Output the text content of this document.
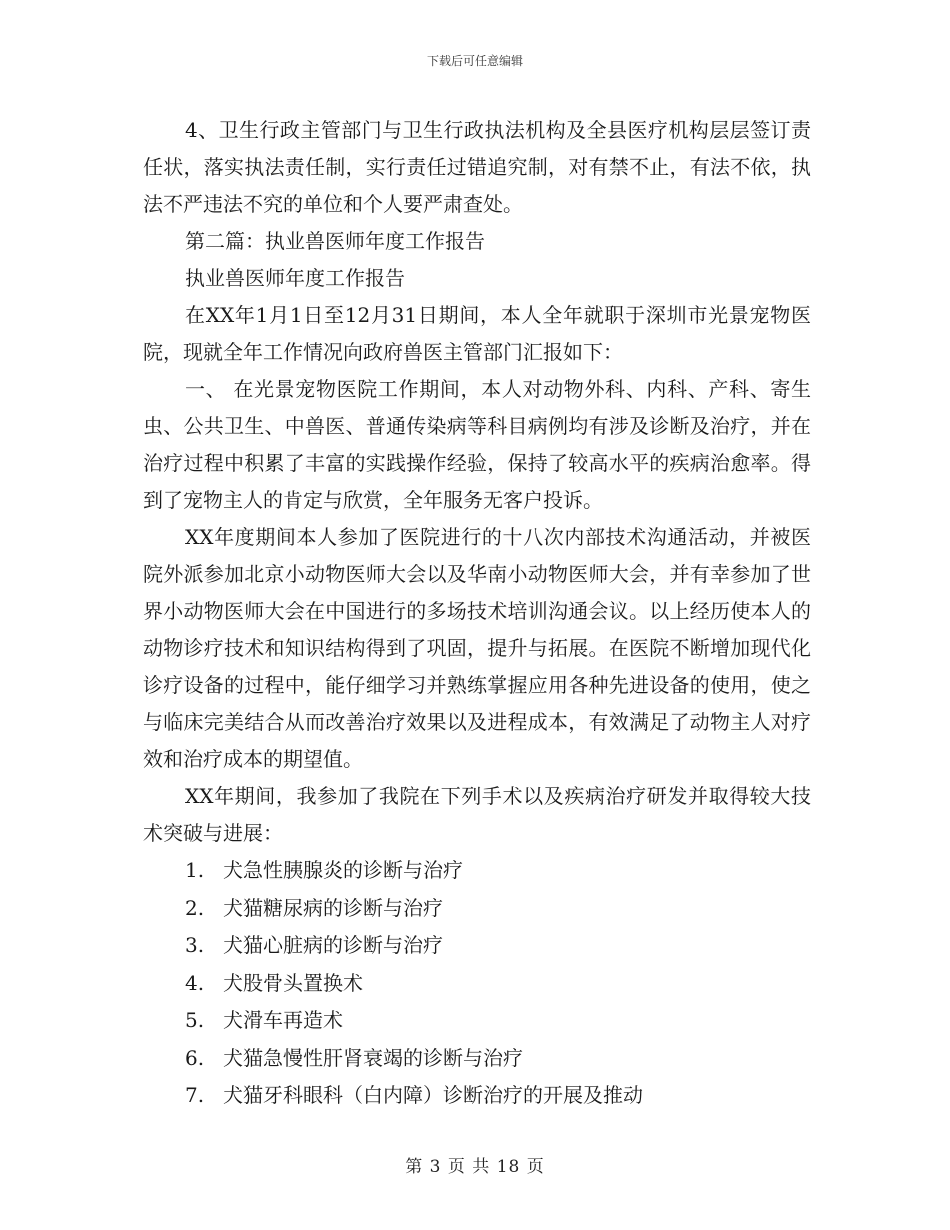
下载后可任意编辑

4、卫生行政主管部门与卫生行政执法机构及全县医疗机构层层签订责任状，落实执法责任制，实行责任过错追究制，对有禁不止，有法不依，执法不严违法不究的单位和个人要严肃查处。

第二篇：执业兽医师年度工作报告

执业兽医师年度工作报告

在XX年1月1日至12月31日期间，本人全年就职于深圳市光景宠物医院，现就全年工作情况向政府兽医主管部门汇报如下：

一、 在光景宠物医院工作期间，本人对动物外科、内科、产科、寄生虫、公共卫生、中兽医、普通传染病等科目病例均有涉及诊断及治疗，并在治疗过程中积累了丰富的实践操作经验，保持了较高水平的疾病治愈率。得到了宠物主人的肯定与欣赏，全年服务无客户投诉。

XX年度期间本人参加了医院进行的十八次内部技术沟通活动，并被医院外派参加北京小动物医师大会以及华南小动物医师大会，并有幸参加了世界小动物医师大会在中国进行的多场技术培训沟通会议。以上经历使本人的动物诊疗技术和知识结构得到了巩固，提升与拓展。在医院不断增加现代化诊疗设备的过程中，能仔细学习并熟练掌握应用各种先进设备的使用，使之与临床完美结合从而改善治疗效果以及进程成本，有效满足了动物主人对疗效和治疗成本的期望值。

XX年期间，我参加了我院在下列手术以及疾病治疗研发并取得较大技术突破与进展：

1. 犬急性胰腺炎的诊断与治疗
2. 犬猫糖尿病的诊断与治疗
3. 犬猫心脏病的诊断与治疗
4. 犬股骨头置换术
5. 犬滑车再造术
6. 犬猫急慢性肝肾衰竭的诊断与治疗
7. 犬猫牙科眼科（白内障）诊断治疗的开展及推动
第 3 页 共 18 页
